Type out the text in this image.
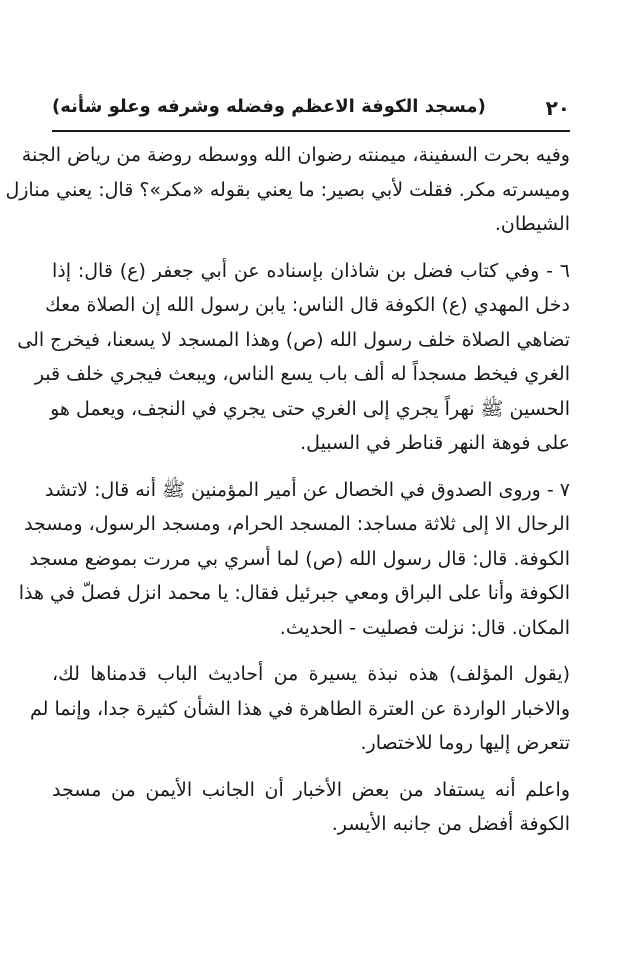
٢٠
(مسجد الكوفة الاعظم وفضله وشرفه وعلو شأنه)
وفيه بحرت السفينة، ميمنته رضوان الله ووسطه روضة من رياض الجنة
وميسرته مكر. فقلت لأبي بصير: ما يعني بقوله «مكر»؟ قال: يعني منازل
الشيطان.
٦ - وفي كتاب فضل بن شاذان بإسناده عن أبي جعفر (ع) قال: إذا
دخل المهدي (ع) الكوفة قال الناس: يابن رسول الله إن الصلاة معك
تضاهي الصلاة خلف رسول الله (ص) وهذا المسجد لا يسعنا، فيخرج الى
الغري فيخط مسجداً له ألف باب يسع الناس، ويبعث فيجري خلف قبر
الحسين ﷺ نهراً يجري إلى الغري حتى يجري في النجف، ويعمل هو
على فوهة النهر قناطر في السبيل.
٧ - وروى الصدوق في الخصال عن أمير المؤمنين ﷺ أنه قال: لاتشد
الرحال الا إلى ثلاثة مساجد: المسجد الحرام، ومسجد الرسول، ومسجد
الكوفة. قال: قال رسول الله (ص) لما أسري بي مررت بموضع مسجد
الكوفة وأنا على البراق ومعي جبرئيل فقال: يا محمد انزل فصلّ في هذا
المكان. قال: نزلت فصليت - الحديث.
(يقول المؤلف) هذه نبذة يسيرة من أحاديث الباب قدمناها لك،
والاخبار الواردة عن العترة الطاهرة في هذا الشأن كثيرة جدا، وإنما لم
تتعرض إليها روما للاختصار.
واعلم أنه يستفاد من بعض الأخبار أن الجانب الأيمن من مسجد
الكوفة أفضل من جانبه الأيسر.
